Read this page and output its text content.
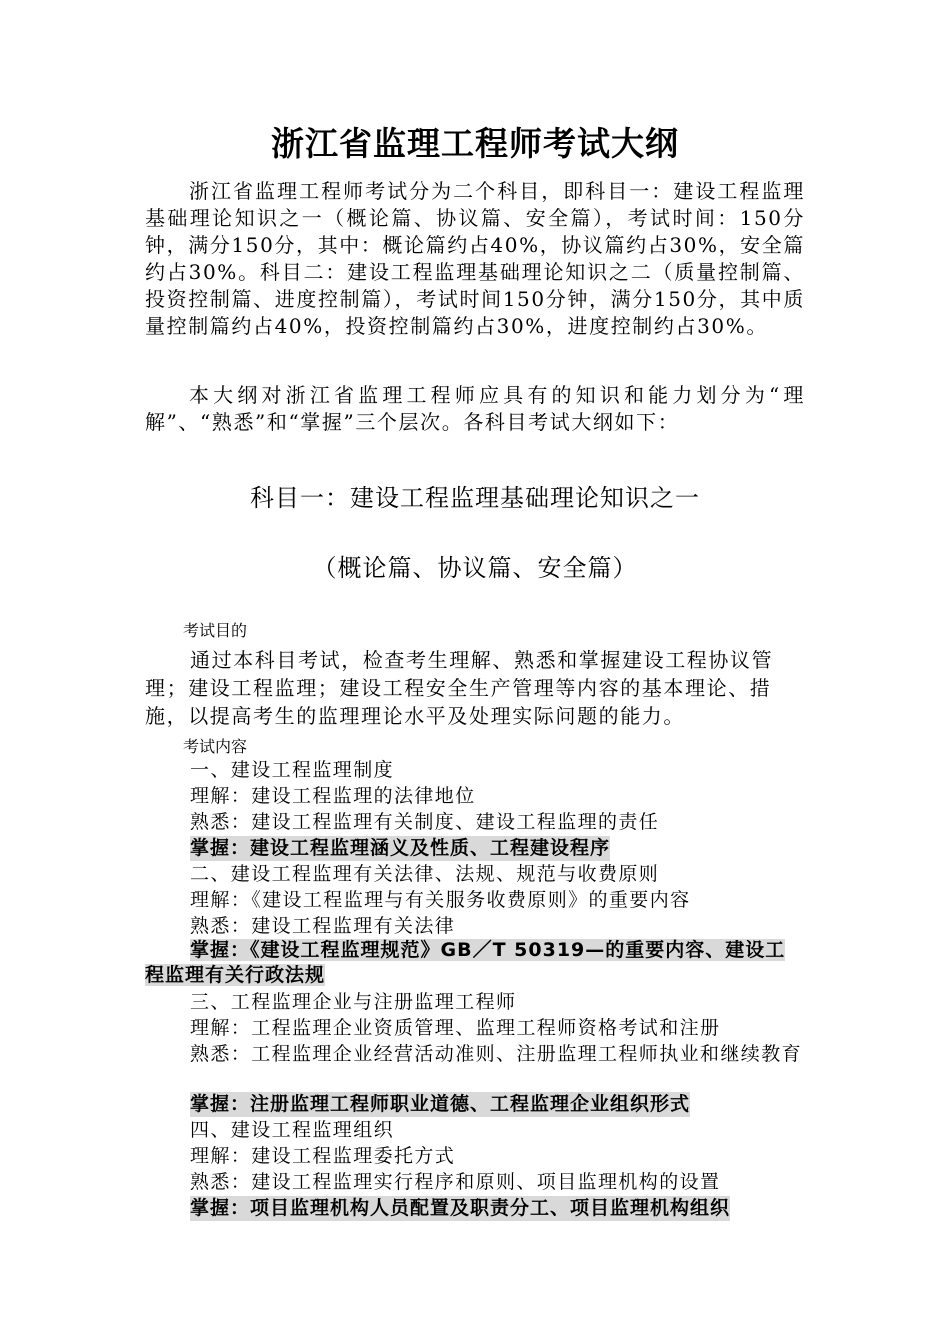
浙江省监理工程师考试大纲

浙江省监理工程师考试分为二个科目，即科目一：建设工程监理基础理论知识之一（概论篇、协议篇、安全篇），考试时间：150分钟，满分150分，其中：概论篇约占40%，协议篇约占30%，安全篇约占30%。科目二：建设工程监理基础理论知识之二（质量控制篇、投资控制篇、进度控制篇），考试时间150分钟，满分150分，其中质量控制篇约占40%，投资控制篇约占30%，进度控制约占30%。

本大纲对浙江省监理工程师应具有的知识和能力划分为“理解”、“熟悉”和“掌握”三个层次。各科目考试大纲如下：

科目一：建设工程监理基础理论知识之一
（概论篇、协议篇、安全篇）
考试目的

通过本科目考试，检查考生理解、熟悉和掌握建设工程协议管理；建设工程监理；建设工程安全生产管理等内容的基本理论、措施，以提高考生的监理理论水平及处理实际问题的能力。

考试内容
一、建设工程监理制度
理解：建设工程监理的法律地位
熟悉：建设工程监理有关制度、建设工程监理的责任
掌握：建设工程监理涵义及性质、工程建设程序
二、建设工程监理有关法律、法规、规范与收费原则
理解：《建设工程监理与有关服务收费原则》的重要内容
熟悉：建设工程监理有关法律

掌握：《建设工程监理规范》GB／T 50319—的重要内容、建设工程监理有关行政法规

三、工程监理企业与注册监理工程师
理解：工程监理企业资质管理、监理工程师资格考试和注册

熟悉：工程监理企业经营活动准则、注册监理工程师执业和继续教育

掌握：注册监理工程师职业道德、工程监理企业组织形式
四、建设工程监理组织
理解：建设工程监理委托方式
熟悉：建设工程监理实行程序和原则、项目监理机构的设置
掌握：项目监理机构人员配置及职责分工、项目监理机构组织
